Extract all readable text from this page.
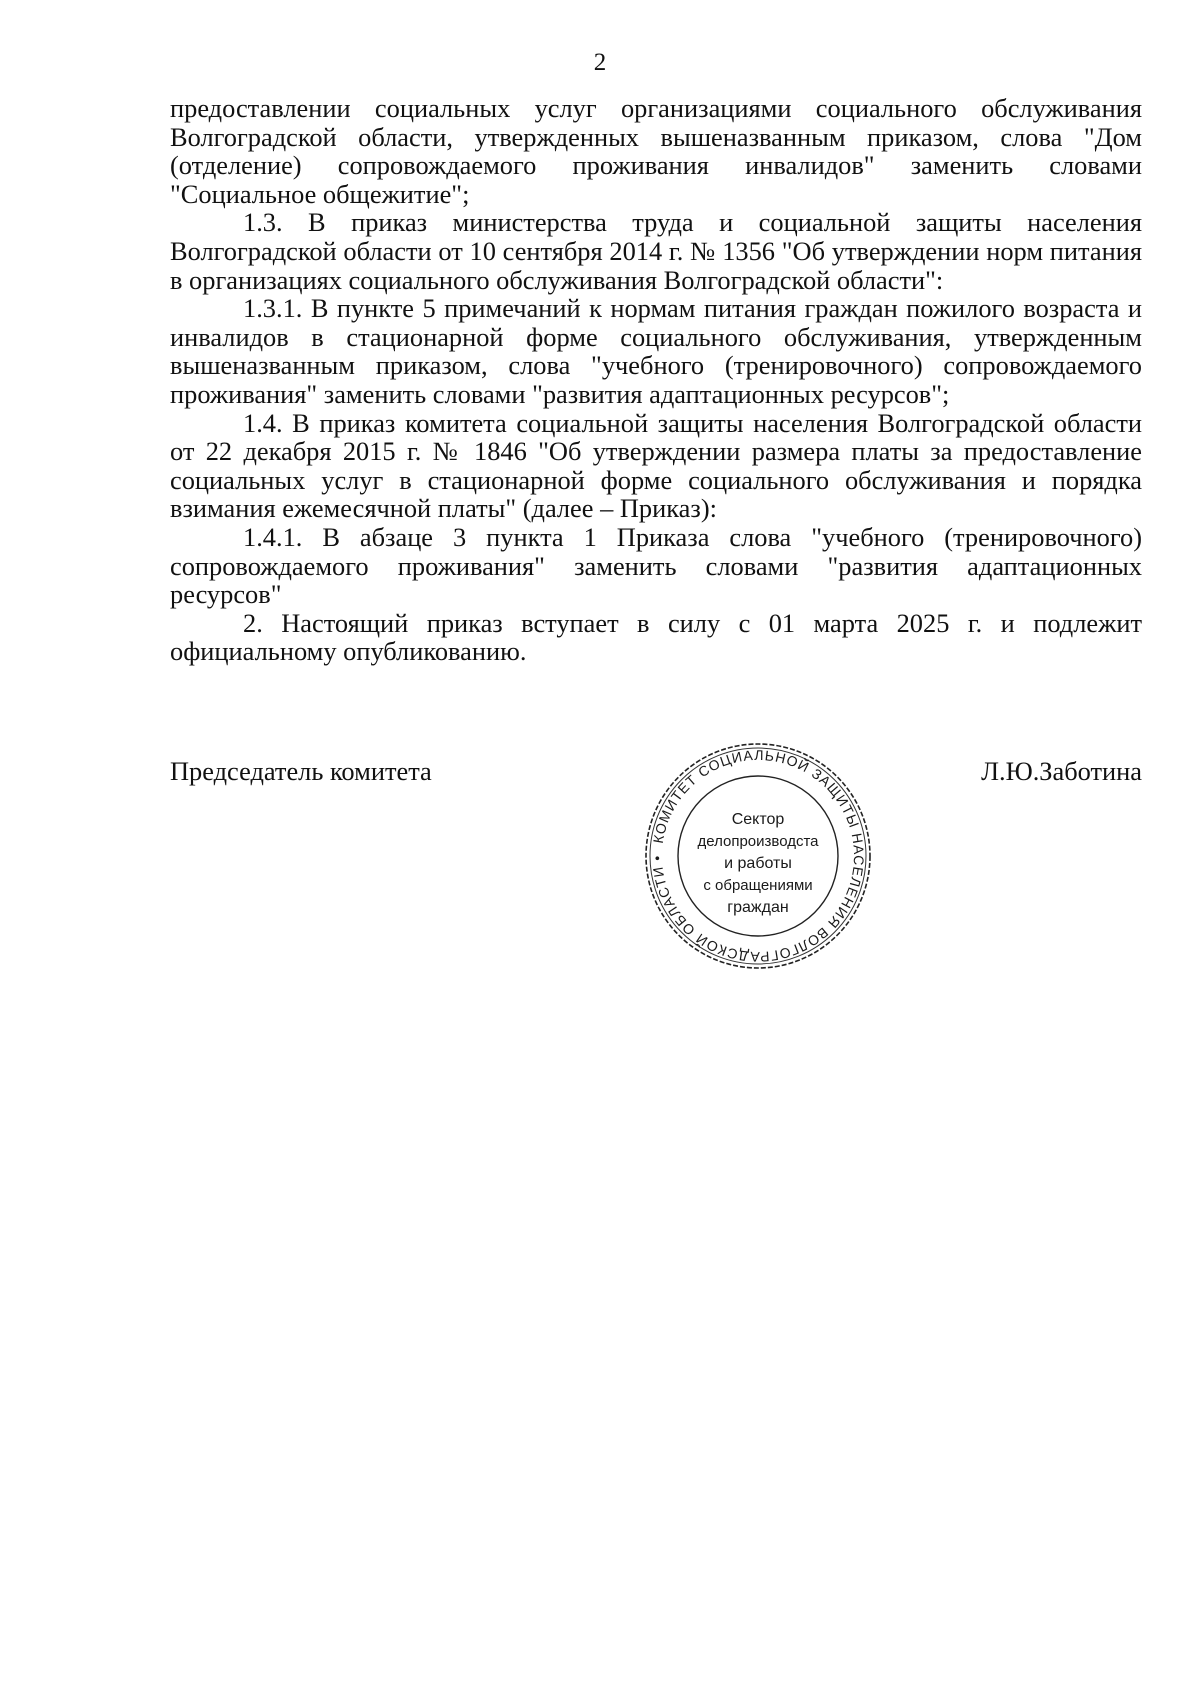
2

предоставлении социальных услуг организациями социального обслуживания Волгоградской области, утвержденных вышеназванным приказом, слова "Дом (отделение) сопровождаемого проживания инвалидов" заменить словами "Социальное общежитие";

1.3. В приказ министерства труда и социальной защиты населения Волгоградской области от 10 сентября 2014 г. № 1356 "Об утверждении норм питания в организациях социального обслуживания Волгоградской области":

1.3.1. В пункте 5 примечаний к нормам питания граждан пожилого возраста и инвалидов в стационарной форме социального обслуживания, утвержденным вышеназванным приказом, слова "учебного (тренировочного) сопровождаемого проживания" заменить словами "развития адаптационных ресурсов";

1.4. В приказ комитета социальной защиты населения Волгоградской области от 22 декабря 2015 г. № 1846 "Об утверждении размера платы за предоставление социальных услуг в стационарной форме социального обслуживания и порядка взимания ежемесячной платы" (далее – Приказ):

1.4.1. В абзаце 3 пункта 1 Приказа слова "учебного (тренировочного) сопровождаемого проживания" заменить словами "развития адаптационных ресурсов"

2. Настоящий приказ вступает в силу с 01 марта 2025 г. и подлежит официальному опубликованию.

Председатель комитета	Л.Ю.Заботина
КОМИТЕТ СОЦИАЛЬНОЙ ЗАЩИТЫ НАСЕЛЕНИЯ ВОЛГОГРАДСКОЙ ОБЛАСТИ •
Сектор
делопроизводста
и работы
с обращениями
граждан
